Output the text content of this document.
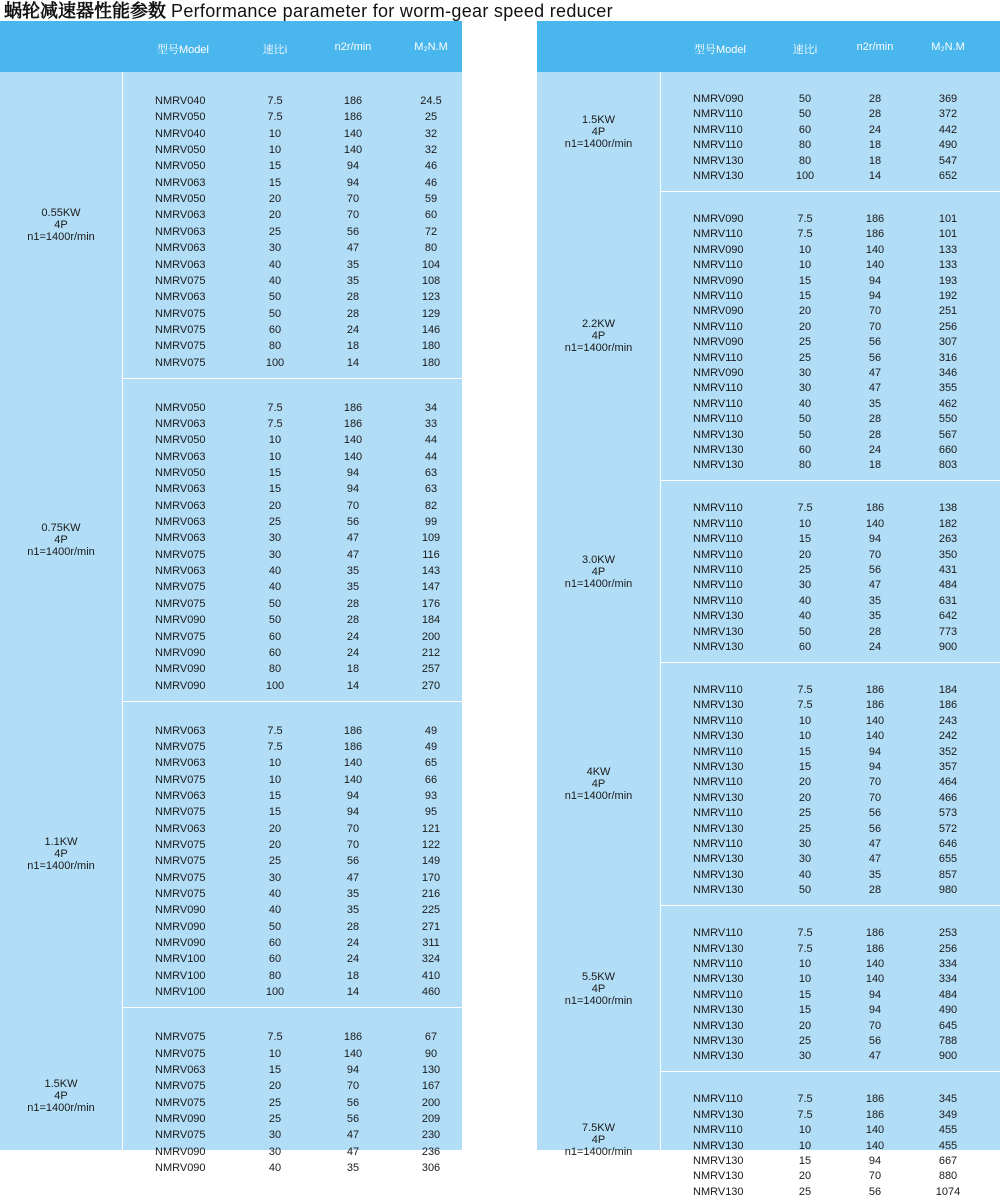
蜗轮减速器性能参数 Performance parameter for worm-gear speed reducer
型号Model	速比i	n2r/min	M₂N.M
0.55KW
4P
n1=1400r/min
NMRV040	7.5	186	24.5
NMRV050	7.5	186	25
NMRV040	10	140	32
NMRV050	10	140	32
NMRV050	15	94	46
NMRV063	15	94	46
NMRV050	20	70	59
NMRV063	20	70	60
NMRV063	25	56	72
NMRV063	30	47	80
NMRV063	40	35	104
NMRV075	40	35	108
NMRV063	50	28	123
NMRV075	50	28	129
NMRV075	60	24	146
NMRV075	80	18	180
NMRV075	100	14	180
0.75KW
4P
n1=1400r/min
NMRV050	7.5	186	34
NMRV063	7.5	186	33
NMRV050	10	140	44
NMRV063	10	140	44
NMRV050	15	94	63
NMRV063	15	94	63
NMRV063	20	70	82
NMRV063	25	56	99
NMRV063	30	47	109
NMRV075	30	47	116
NMRV063	40	35	143
NMRV075	40	35	147
NMRV075	50	28	176
NMRV090	50	28	184
NMRV075	60	24	200
NMRV090	60	24	212
NMRV090	80	18	257
NMRV090	100	14	270
1.1KW
4P
n1=1400r/min
NMRV063	7.5	186	49
NMRV075	7.5	186	49
NMRV063	10	140	65
NMRV075	10	140	66
NMRV063	15	94	93
NMRV075	15	94	95
NMRV063	20	70	121
NMRV075	20	70	122
NMRV075	25	56	149
NMRV075	30	47	170
NMRV075	40	35	216
NMRV090	40	35	225
NMRV090	50	28	271
NMRV090	60	24	311
NMRV100	60	24	324
NMRV100	80	18	410
NMRV100	100	14	460
1.5KW
4P
n1=1400r/min
NMRV075	7.5	186	67
NMRV075	10	140	90
NMRV063	15	94	130
NMRV075	20	70	167
NMRV075	25	56	200
NMRV090	25	56	209
NMRV075	30	47	230
NMRV090	30	47	236
NMRV090	40	35	306
型号Model	速比i	n2r/min	M₂N.M
1.5KW
4P
n1=1400r/min
NMRV090	50	28	369
NMRV110	50	28	372
NMRV110	60	24	442
NMRV110	80	18	490
NMRV130	80	18	547
NMRV130	100	14	652
2.2KW
4P
n1=1400r/min
NMRV090	7.5	186	101
NMRV110	7.5	186	101
NMRV090	10	140	133
NMRV110	10	140	133
NMRV090	15	94	193
NMRV110	15	94	192
NMRV090	20	70	251
NMRV110	20	70	256
NMRV090	25	56	307
NMRV110	25	56	316
NMRV090	30	47	346
NMRV110	30	47	355
NMRV110	40	35	462
NMRV110	50	28	550
NMRV130	50	28	567
NMRV130	60	24	660
NMRV130	80	18	803
3.0KW
4P
n1=1400r/min
NMRV110	7.5	186	138
NMRV110	10	140	182
NMRV110	15	94	263
NMRV110	20	70	350
NMRV110	25	56	431
NMRV110	30	47	484
NMRV110	40	35	631
NMRV130	40	35	642
NMRV130	50	28	773
NMRV130	60	24	900
4KW
4P
n1=1400r/min
NMRV110	7.5	186	184
NMRV130	7.5	186	186
NMRV110	10	140	243
NMRV130	10	140	242
NMRV110	15	94	352
NMRV130	15	94	357
NMRV110	20	70	464
NMRV130	20	70	466
NMRV110	25	56	573
NMRV130	25	56	572
NMRV110	30	47	646
NMRV130	30	47	655
NMRV130	40	35	857
NMRV130	50	28	980
5.5KW
4P
n1=1400r/min
NMRV110	7.5	186	253
NMRV130	7.5	186	256
NMRV110	10	140	334
NMRV130	10	140	334
NMRV110	15	94	484
NMRV130	15	94	490
NMRV130	20	70	645
NMRV130	25	56	788
NMRV130	30	47	900
7.5KW
4P
n1=1400r/min
NMRV110	7.5	186	345
NMRV130	7.5	186	349
NMRV110	10	140	455
NMRV130	10	140	455
NMRV130	15	94	667
NMRV130	20	70	880
NMRV130	25	56	1074
